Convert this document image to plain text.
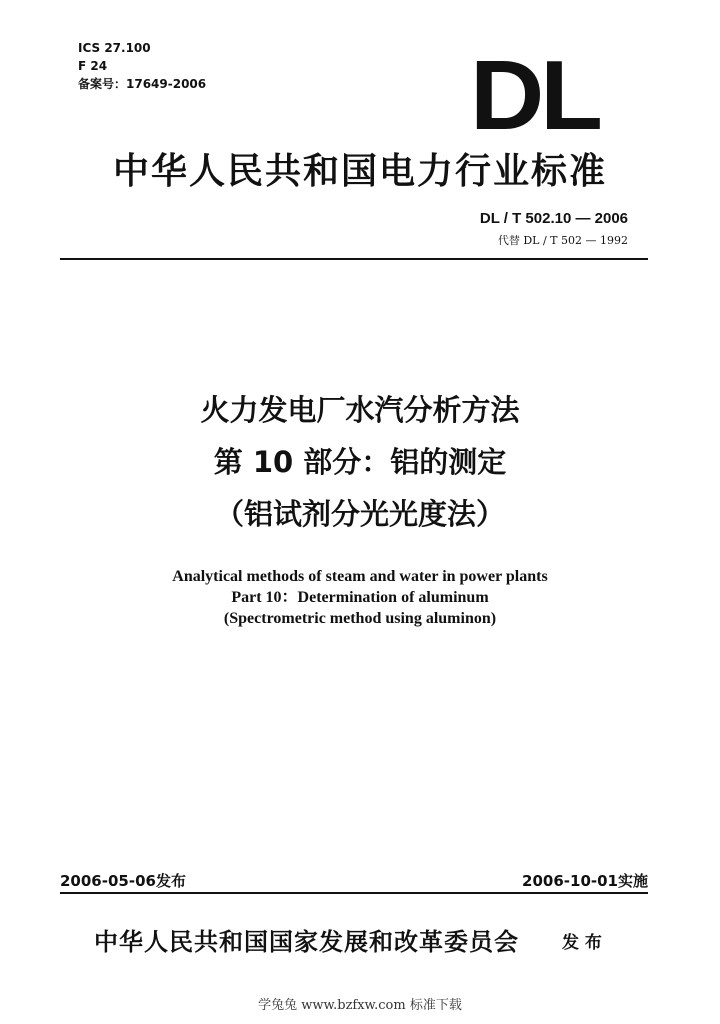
ICS 27.100
F 24
备案号：17649-2006	DL
中华人民共和国电力行业标准
DL / T 502.10 — 2006
代替 DL / T 502 — 1992
火力发电厂水汽分析方法
第 10 部分：铝的测定
（铝试剂分光光度法）
Analytical methods of steam and water in power plants
Part 10：Determination of aluminum
(Spectrometric method using aluminon)
2006-05-06发布	2006-10-01实施
中华人民共和国国家发展和改革委员会	发 布
学兔兔 www.bzfxw.com 标准下载
